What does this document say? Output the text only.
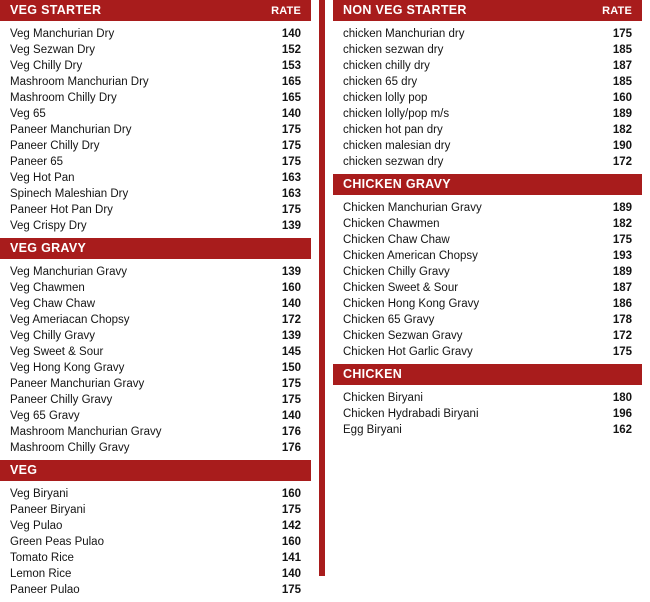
VEG STARTER	RATE
Veg Manchurian Dry	140
Veg Sezwan Dry	152
Veg Chilly Dry	153
Mashroom Manchurian Dry	165
Mashroom Chilly Dry	165
Veg 65	140
Paneer Manchurian Dry	175
Paneer Chilly Dry	175
Paneer 65	175
Veg Hot Pan	163
Spinech Maleshian Dry	163
Paneer Hot Pan Dry	175
Veg Crispy Dry	139
VEG GRAVY
Veg Manchurian Gravy	139
Veg Chawmen	160
Veg Chaw Chaw	140
Veg Ameriacan Chopsy	172
Veg Chilly Gravy	139
Veg Sweet & Sour	145
Veg Hong Kong Gravy	150
Paneer Manchurian Gravy	175
Paneer Chilly Gravy	175
Veg 65 Gravy	140
Mashroom Manchurian Gravy	176
Mashroom Chilly Gravy	176
VEG
Veg Biryani	160
Paneer Biryani	175
Veg Pulao	142
Green Peas Pulao	160
Tomato Rice	141
Lemon Rice	140
Paneer Pulao	175
NON VEG STARTER	RATE
chicken Manchurian dry	175
chicken sezwan dry	185
chicken chilly dry	187
chicken 65 dry	185
chicken lolly pop	160
chicken lolly/pop m/s	189
chicken hot pan dry	182
chicken malesian dry	190
chicken sezwan dry	172
CHICKEN GRAVY
Chicken Manchurian Gravy	189
Chicken Chawmen	182
Chicken Chaw Chaw	175
Chicken American Chopsy	193
Chicken Chilly Gravy	189
Chicken Sweet & Sour	187
Chicken Hong Kong Gravy	186
Chicken 65 Gravy	178
Chicken Sezwan Gravy	172
Chicken Hot Garlic Gravy	175
CHICKEN
Chicken Biryani	180
Chicken Hydrabadi Biryani	196
Egg Biryani	162
